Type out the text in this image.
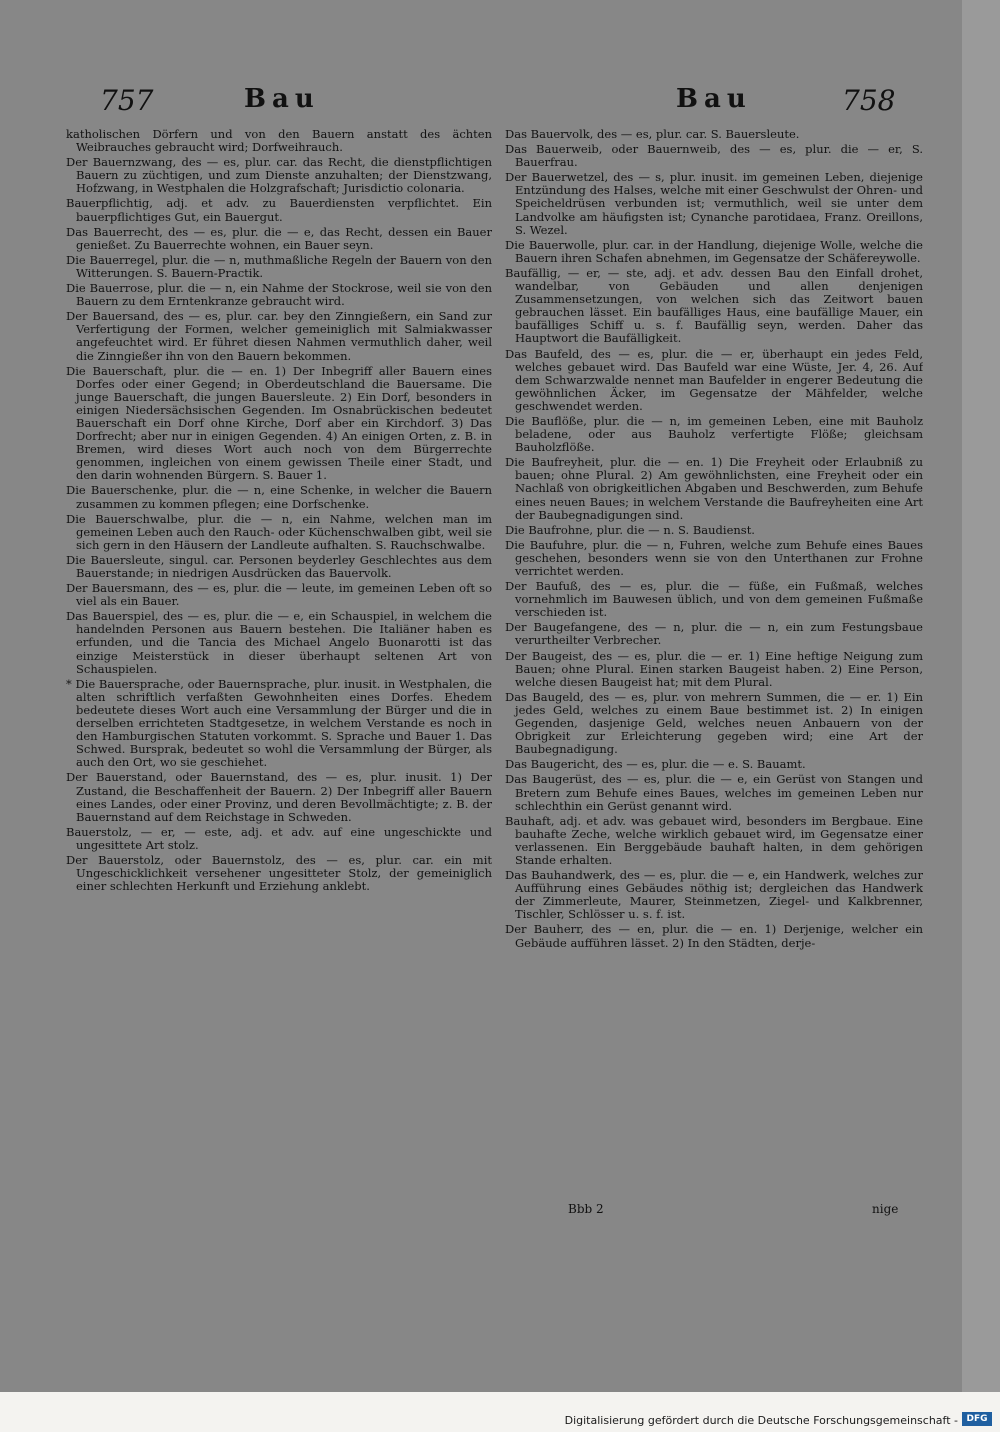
757	Bau	Bau	758

katholischen Dörfern und von den Bauern anstatt des ächten Weibrauches gebraucht wird; Dorfweihrauch.

Der Bauernzwang, des — es, plur. car. das Recht, die dienstpflichtigen Bauern zu züchtigen, und zum Dienste anzuhalten; der Dienstzwang, Hofzwang, in Westphalen die Holzgrafschaft; Jurisdictio colonaria.

Bauerpflichtig, adj. et adv. zu Bauerdiensten verpflichtet. Ein bauerpflichtiges Gut, ein Bauergut.

Das Bauerrecht, des — es, plur. die — e, das Recht, dessen ein Bauer genießet. Zu Bauerrechte wohnen, ein Bauer seyn.

Die Bauerregel, plur. die — n, muthmaßliche Regeln der Bauern von den Witterungen. S. Bauern-Practik.

Die Bauerrose, plur. die — n, ein Nahme der Stockrose, weil sie von den Bauern zu dem Erntenkranze gebraucht wird.

Der Bauersand, des — es, plur. car. bey den Zinngießern, ein Sand zur Verfertigung der Formen, welcher gemeiniglich mit Salmiakwasser angefeuchtet wird. Er führet diesen Nahmen vermuthlich daher, weil die Zinngießer ihn von den Bauern bekommen.

Die Bauerschaft, plur. die — en. 1) Der Inbegriff aller Bauern eines Dorfes oder einer Gegend; in Oberdeutschland die Bauersame. Die junge Bauerschaft, die jungen Bauersleute. 2) Ein Dorf, besonders in einigen Niedersächsischen Gegenden. Im Osnabrückischen bedeutet Bauerschaft ein Dorf ohne Kirche, Dorf aber ein Kirchdorf. 3) Das Dorfrecht; aber nur in einigen Gegenden. 4) An einigen Orten, z. B. in Bremen, wird dieses Wort auch noch von dem Bürgerrechte genommen, ingleichen von einem gewissen Theile einer Stadt, und den darin wohnenden Bürgern. S. Bauer 1.

Die Bauerschenke, plur. die — n, eine Schenke, in welcher die Bauern zusammen zu kommen pflegen; eine Dorfschenke.

Die Bauerschwalbe, plur. die — n, ein Nahme, welchen man im gemeinen Leben auch den Rauch- oder Küchenschwalben gibt, weil sie sich gern in den Häusern der Landleute aufhalten. S. Rauchschwalbe.

Die Bauersleute, singul. car. Personen beyderley Geschlechtes aus dem Bauerstande; in niedrigen Ausdrücken das Bauervolk.

Der Bauersmann, des — es, plur. die — leute, im gemeinen Leben oft so viel als ein Bauer.

Das Bauerspiel, des — es, plur. die — e, ein Schauspiel, in welchem die handelnden Personen aus Bauern bestehen. Die Italiäner haben es erfunden, und die Tancia des Michael Angelo Buonarotti ist das einzige Meisterstück in dieser überhaupt seltenen Art von Schauspielen.

* Die Bauersprache, oder Bauernsprache, plur. inusit. in Westphalen, die alten schriftlich verfaßten Gewohnheiten eines Dorfes. Ehedem bedeutete dieses Wort auch eine Versammlung der Bürger und die in derselben errichteten Stadtgesetze, in welchem Verstande es noch in den Hamburgischen Statuten vorkommt. S. Sprache und Bauer 1. Das Schwed. Bursprak, bedeutet so wohl die Versammlung der Bürger, als auch den Ort, wo sie geschiehet.

Der Bauerstand, oder Bauernstand, des — es, plur. inusit. 1) Der Zustand, die Beschaffenheit der Bauern. 2) Der Inbegriff aller Bauern eines Landes, oder einer Provinz, und deren Bevollmächtigte; z. B. der Bauernstand auf dem Reichstage in Schweden.

Bauerstolz, — er, — este, adj. et adv. auf eine ungeschickte und ungesittete Art stolz.

Der Bauerstolz, oder Bauernstolz, des — es, plur. car. ein mit Ungeschicklichkeit versehener ungesitteter Stolz, der gemeiniglich einer schlechten Herkunft und Erziehung anklebt.

Das Bauervolk, des — es, plur. car. S. Bauersleute.

Das Bauerweib, oder Bauernweib, des — es, plur. die — er, S. Bauerfrau.

Der Bauerwetzel, des — s, plur. inusit. im gemeinen Leben, diejenige Entzündung des Halses, welche mit einer Geschwulst der Ohren- und Speicheldrüsen verbunden ist; vermuthlich, weil sie unter dem Landvolke am häufigsten ist; Cynanche parotidaea, Franz. Oreillons, S. Wezel.

Die Bauerwolle, plur. car. in der Handlung, diejenige Wolle, welche die Bauern ihren Schafen abnehmen, im Gegensatze der Schäfereywolle.

Baufällig, — er, — ste, adj. et adv. dessen Bau den Einfall drohet, wandelbar, von Gebäuden und allen denjenigen Zusammensetzungen, von welchen sich das Zeitwort bauen gebrauchen lässet. Ein baufälliges Haus, eine baufällige Mauer, ein baufälliges Schiff u. s. f. Baufällig seyn, werden. Daher das Hauptwort die Baufälligkeit.

Das Baufeld, des — es, plur. die — er, überhaupt ein jedes Feld, welches gebauet wird. Das Baufeld war eine Wüste, Jer. 4, 26. Auf dem Schwarzwalde nennet man Baufelder in engerer Bedeutung die gewöhnlichen Äcker, im Gegensatze der Mähfelder, welche geschwendet werden.

Die Bauflöße, plur. die — n, im gemeinen Leben, eine mit Bauholz beladene, oder aus Bauholz verfertigte Flöße; gleichsam Bauholzflöße.

Die Baufreyheit, plur. die — en. 1) Die Freyheit oder Erlaubniß zu bauen; ohne Plural. 2) Am gewöhnlichsten, eine Freyheit oder ein Nachlaß von obrigkeitlichen Abgaben und Beschwerden, zum Behufe eines neuen Baues; in welchem Verstande die Baufreyheiten eine Art der Baubegnadigungen sind.

Die Baufrohne, plur. die — n. S. Baudienst.

Die Baufuhre, plur. die — n, Fuhren, welche zum Behufe eines Baues geschehen, besonders wenn sie von den Unterthanen zur Frohne verrichtet werden.

Der Baufuß, des — es, plur. die — füße, ein Fußmaß, welches vornehmlich im Bauwesen üblich, und von dem gemeinen Fußmaße verschieden ist.

Der Baugefangene, des — n, plur. die — n, ein zum Festungsbaue verurtheilter Verbrecher.

Der Baugeist, des — es, plur. die — er. 1) Eine heftige Neigung zum Bauen; ohne Plural. Einen starken Baugeist haben. 2) Eine Person, welche diesen Baugeist hat; mit dem Plural.

Das Baugeld, des — es, plur. von mehrern Summen, die — er. 1) Ein jedes Geld, welches zu einem Baue bestimmet ist. 2) In einigen Gegenden, dasjenige Geld, welches neuen Anbauern von der Obrigkeit zur Erleichterung gegeben wird; eine Art der Baubegnadigung.

Das Baugericht, des — es, plur. die — e. S. Bauamt.

Das Baugerüst, des — es, plur. die — e, ein Gerüst von Stangen und Bretern zum Behufe eines Baues, welches im gemeinen Leben nur schlechthin ein Gerüst genannt wird.

Bauhaft, adj. et adv. was gebauet wird, besonders im Bergbaue. Eine bauhafte Zeche, welche wirklich gebauet wird, im Gegensatze einer verlassenen. Ein Berggebäude bauhaft halten, in dem gehörigen Stande erhalten.

Das Bauhandwerk, des — es, plur. die — e, ein Handwerk, welches zur Aufführung eines Gebäudes nöthig ist; dergleichen das Handwerk der Zimmerleute, Maurer, Steinmetzen, Ziegel- und Kalkbrenner, Tischler, Schlösser u. s. f. ist.

Der Bauherr, des — en, plur. die — en. 1) Derjenige, welcher ein Gebäude aufführen lässet. 2) In den Städten, derje-

Bbb 2	nige
Digitalisierung gefördert durch die Deutsche Forschungsgemeinschaft - DFG
